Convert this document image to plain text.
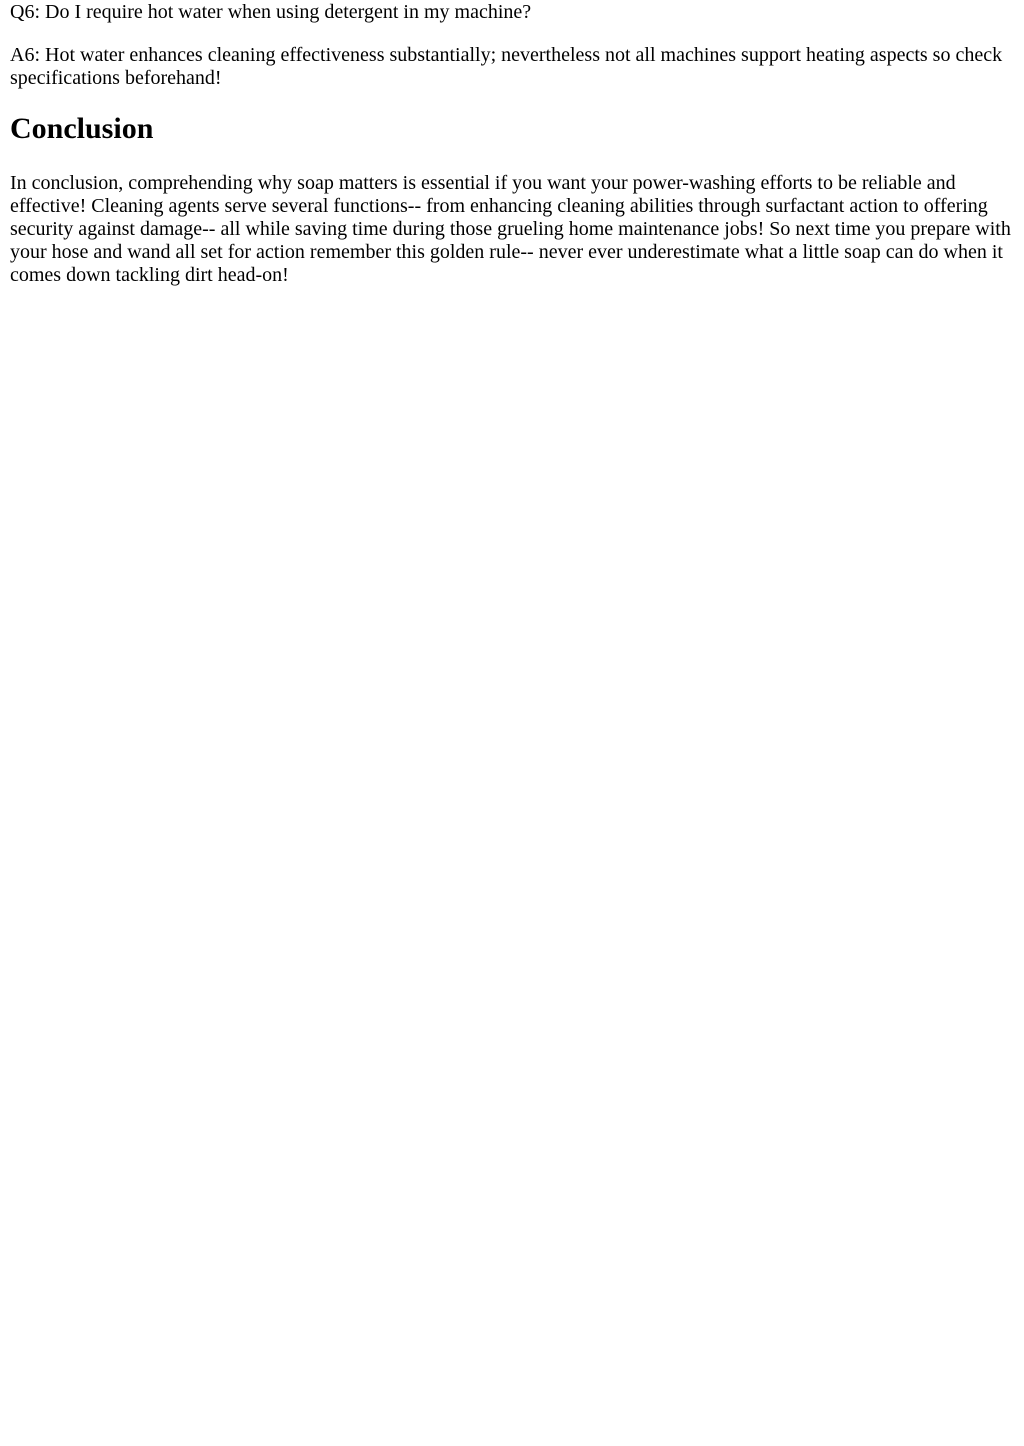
Q6: Do I require hot water when using detergent in my machine?

A6: Hot water enhances cleaning effectiveness substantially; nevertheless not all machines support heating aspects so check specifications beforehand!

Conclusion

In conclusion, comprehending why soap matters is essential if you want your power-washing efforts to be reliable and effective! Cleaning agents serve several functions-- from enhancing cleaning abilities through surfactant action to offering security against damage-- all while saving time during those grueling home maintenance jobs! So next time you prepare with your hose and wand all set for action remember this golden rule-- never ever underestimate what a little soap can do when it comes down tackling dirt head-on!
